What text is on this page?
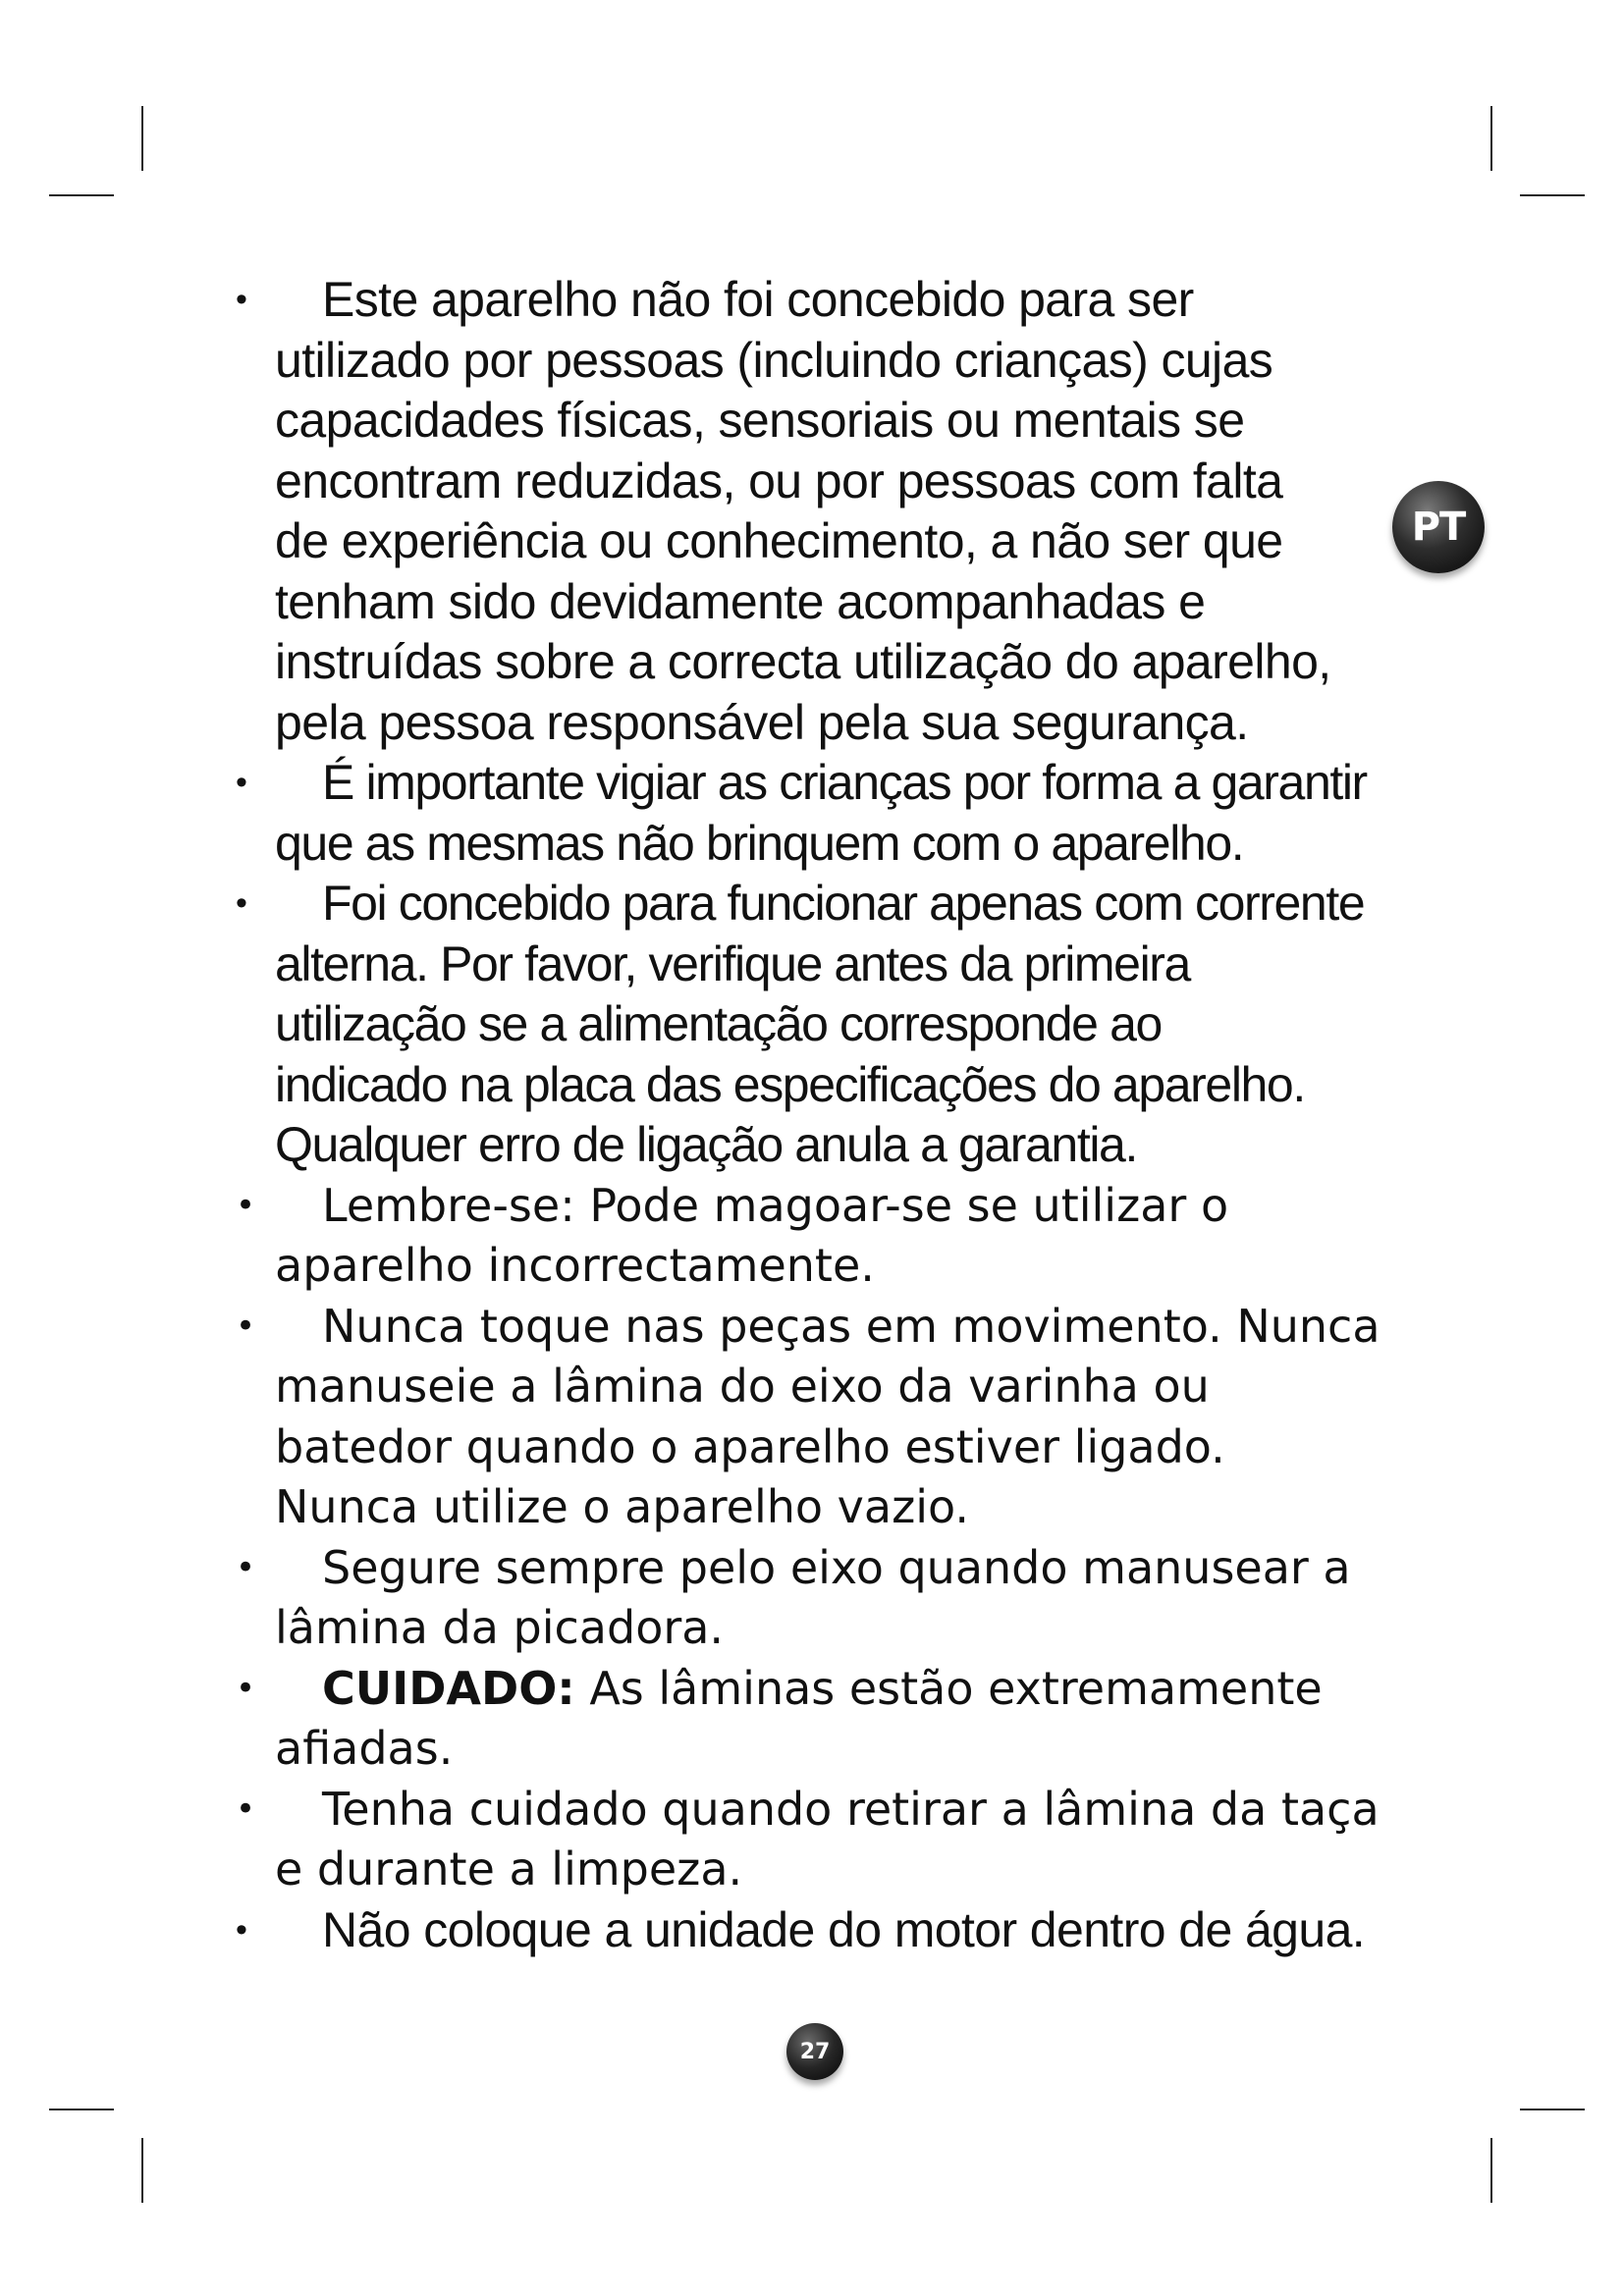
PT
•	Este aparelho não foi concebido para ser
utilizado por pessoas (incluindo crianças) cujas
capacidades físicas, sensoriais ou mentais se
encontram reduzidas, ou por pessoas com falta
de experiência ou conhecimento, a não ser que
tenham sido devidamente acompanhadas e
instruídas sobre a correcta utilização do aparelho,
pela pessoa responsável pela sua segurança.
•	É importante vigiar as crianças por forma a garantir
que as mesmas não brinquem com o aparelho.
•	Foi concebido para funcionar apenas com corrente
alterna. Por favor, verifique antes da primeira
utilização se a alimentação corresponde ao
indicado na placa das especificações do aparelho.
Qualquer erro de ligação anula a garantia.
• Lembre-se: Pode magoar-se se utilizar o
aparelho incorrectamente.
• Nunca toque nas peças em movimento. Nunca
manuseie a lâmina do eixo da varinha ou
batedor quando o aparelho estiver ligado.
Nunca utilize o aparelho vazio.
• Segure sempre pelo eixo quando manusear a
lâmina da picadora.
• CUIDADO: As lâminas estão extremamente
afiadas.
• Tenha cuidado quando retirar a lâmina da taça
e durante a limpeza.
•	Não coloque a unidade do motor dentro de água.
27
